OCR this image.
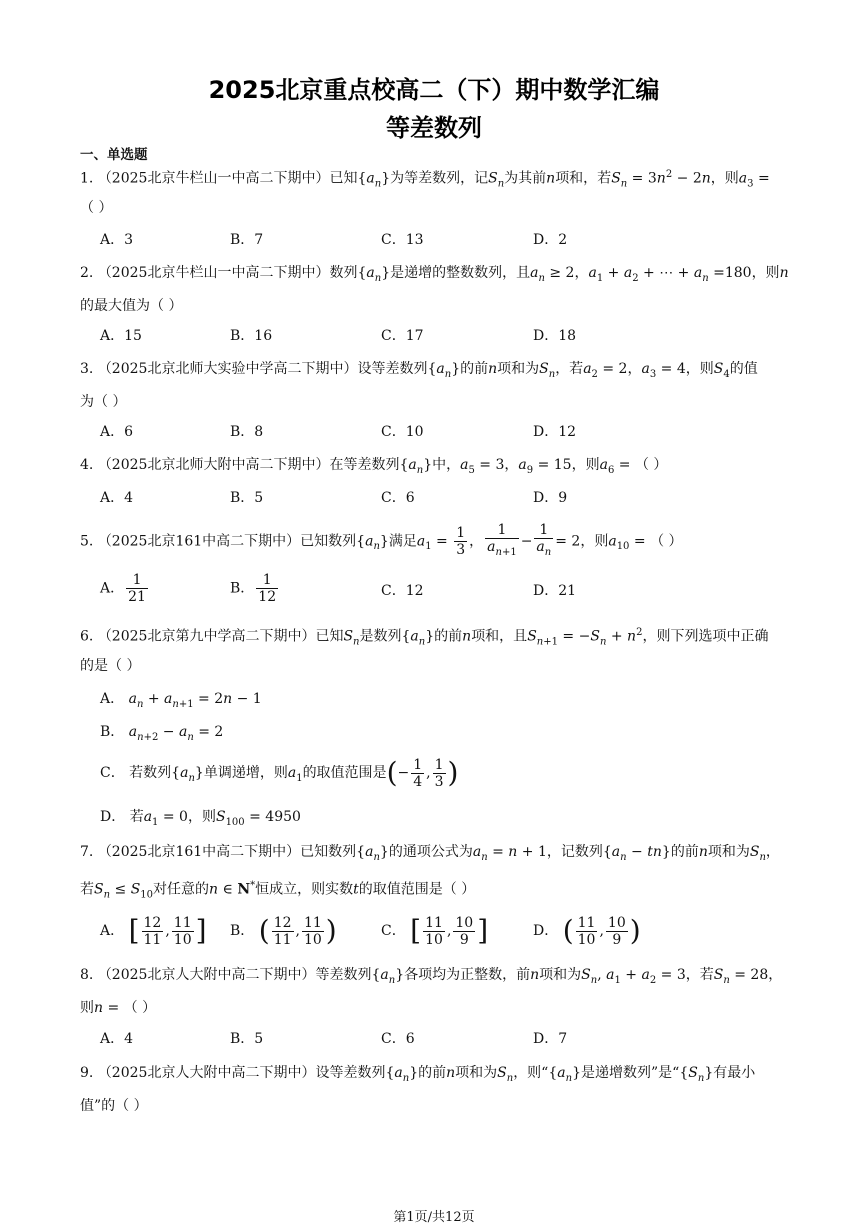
2025北京重点校高二（下）期中数学汇编
等差数列
一、单选题
1. （2025北京牛栏山一中高二下期中）已知$\{a_n\}$为等差数列，记$S_n$为其前n项和，若$S_n = 3n^2 - 2n$，则$a_3$ =
（ ）
A．3	B．7	C．13	D．2
2. （2025北京牛栏山一中高二下期中）数列$\{a_n\}$是递增的整数数列，且$a_n \ge 2$，$a_1 + a_2$ + ⋯ + $a_n =180$，则n
的最大值为（ ）
A．15	B．16	C．17	D．18
3. （2025北京北师大实验中学高二下期中）设等差数列$\{a_n\}$的前n项和为$S_n$，若$a_2 = 2$，$a_3 = 4$，则$S_4$的值
为（ ）
A．6	B．8	C．10	D．12
4. （2025北京北师大附中高二下期中）在等差数列$\{a_n\}$中，$a_5 = 3$，$a_9 = 15$，则$a_6$ = （ ）
A．4	B．5	C．6	D．9
5. （2025北京161中高二下期中）已知数列$\{a_n\}$满足$a_1 = \frac{1}{3}$ ， $\frac{1}{a_{n+1}} - \frac{1}{a_n} = 2$，则$a_{10}$ = （ ）
A． $\frac{1}{21}$	B． $\frac{1}{12}$	C．12	D．21
6. （2025北京第九中学高二下期中）已知$S_n$是数列$\{a_n\}$的前n项和，且$S_{n+1} = -S_n + n^2$，则下列选项中正确
的是（ ）
A． $a_n + a_{n+1} = 2n - 1$
B． $a_{n+2} - a_n = 2$
C． 若数列$\{a_n\}$单调递增，则$a_1$的取值范围是(− $\frac{1}{4}$ , $\frac{1}{3}$ )
D． 若$a_1 = 0$，则$S_{100} = 4950$
7. （2025北京161中高二下期中）已知数列$\{a_n\}$的通项公式为$a_n = n + 1$，记数列$\{a_n - tn\}$的前n项和为$S_n$，
若$S_n \le S_{10}$对任意的n ∈ N*恒成立，则实数t的取值范围是（ ）
A． [ $\frac{12}{11}$ , $\frac{11}{10}$ ] B． ( $\frac{12}{11}$ , $\frac{11}{10}$ )	C． [ $\frac{11}{10}$ , $\frac{10}{9}$ ]	D． ( $\frac{11}{10}$ , $\frac{10}{9}$ )
8. （2025北京人大附中高二下期中）等差数列$\{a_n\}$各项均为正整数，前n项和为$S_n$, $a_1 + a_2 = 3$，若$S_n = 28$，
则n = （ ）
A．4	B．5	C．6	D．7
9. （2025北京人大附中高二下期中）设等差数列$\{a_n\}$的前n项和为$S_n$，则“$\{a_n\}$是递增数列”是“$\{S_n\}$有最小
值”的（ ）
第1页/共12页
